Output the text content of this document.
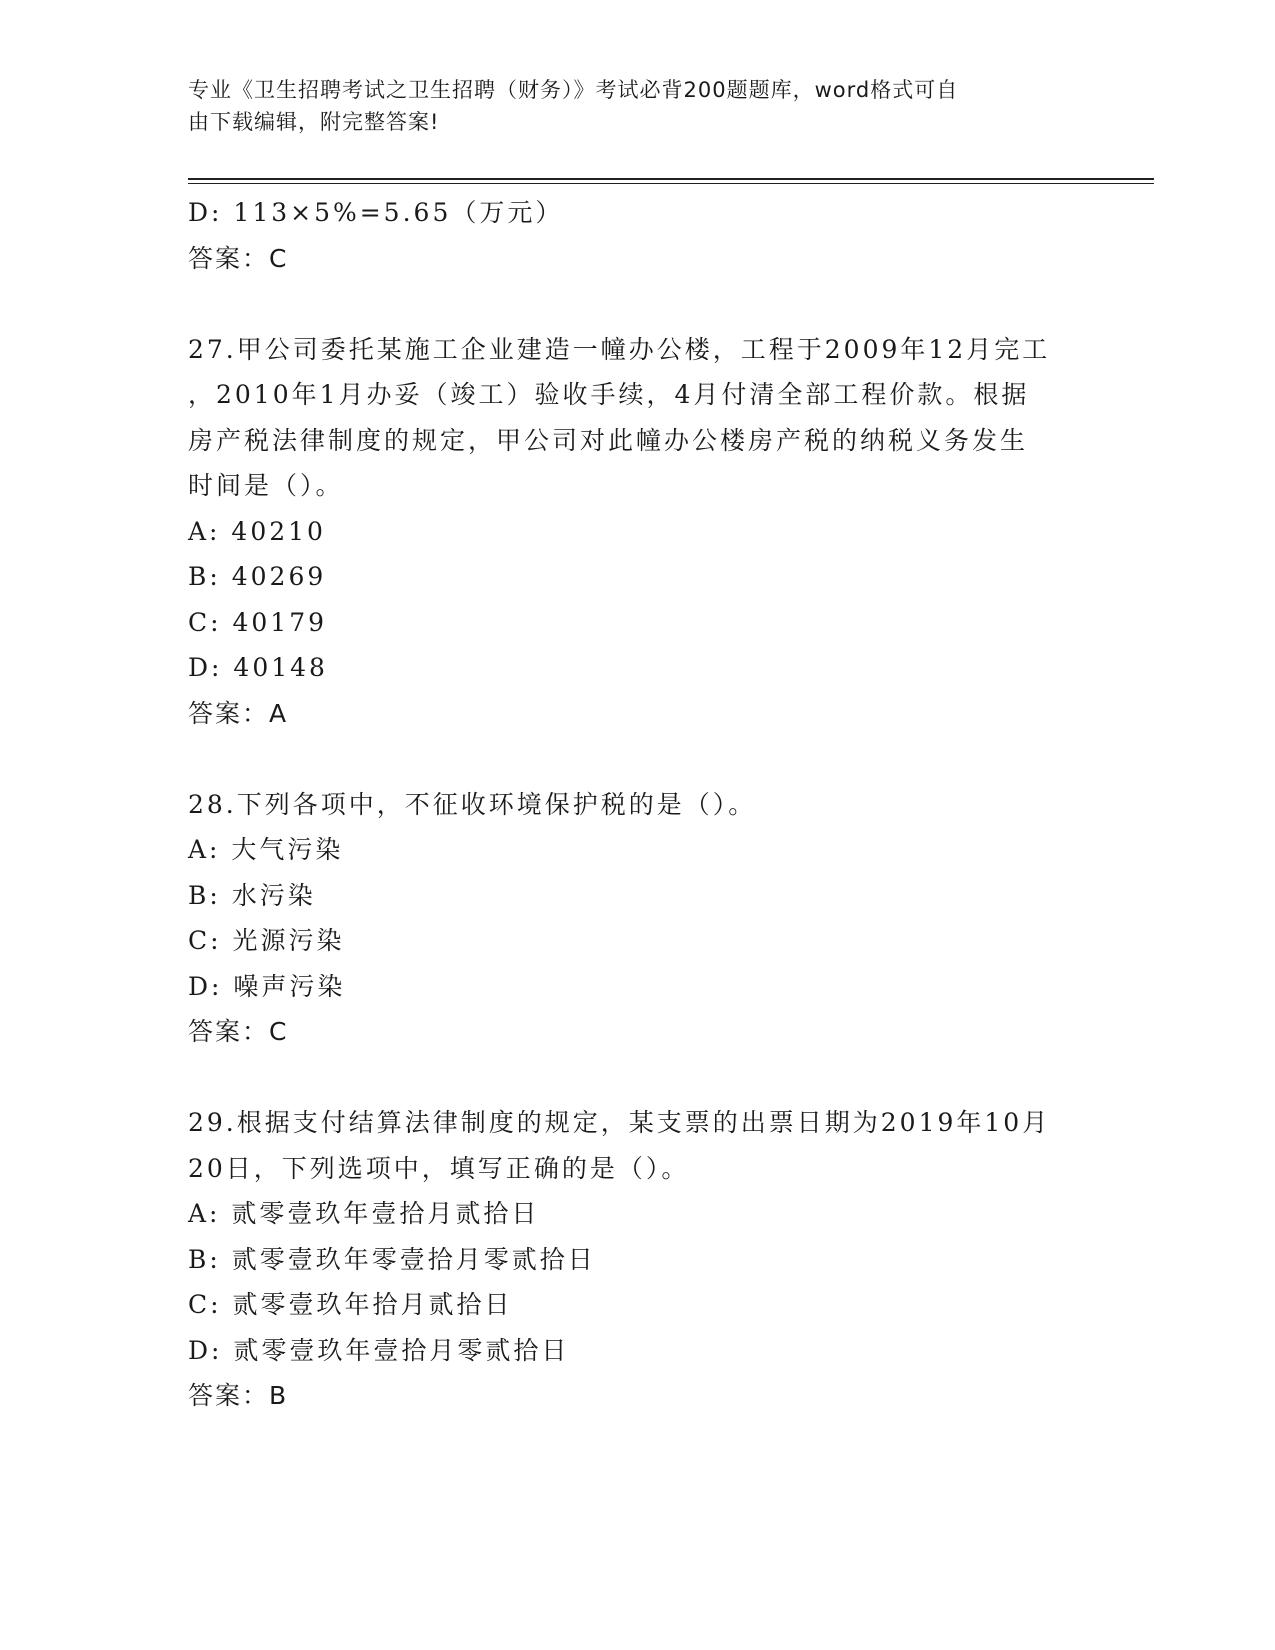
专业《卫生招聘考试之卫生招聘（财务）》考试必背200题题库，word格式可自
由下载编辑，附完整答案!
D: 113×5%=5.65（万元）
答案：C
27.甲公司委托某施工企业建造一幢办公楼，工程于2009年12月完工
，2010年1月办妥（竣工）验收手续，4月付清全部工程价款。根据
房产税法律制度的规定，甲公司对此幢办公楼房产税的纳税义务发生
时间是（）。
A: 40210
B: 40269
C: 40179
D: 40148
答案：A
28.下列各项中，不征收环境保护税的是（）。
A: 大气污染
B: 水污染
C: 光源污染
D: 噪声污染
答案：C
29.根据支付结算法律制度的规定，某支票的出票日期为2019年10月
20日，下列选项中，填写正确的是（）。
A: 贰零壹玖年壹拾月贰拾日
B: 贰零壹玖年零壹拾月零贰拾日
C: 贰零壹玖年拾月贰拾日
D: 贰零壹玖年壹拾月零贰拾日
答案：B
